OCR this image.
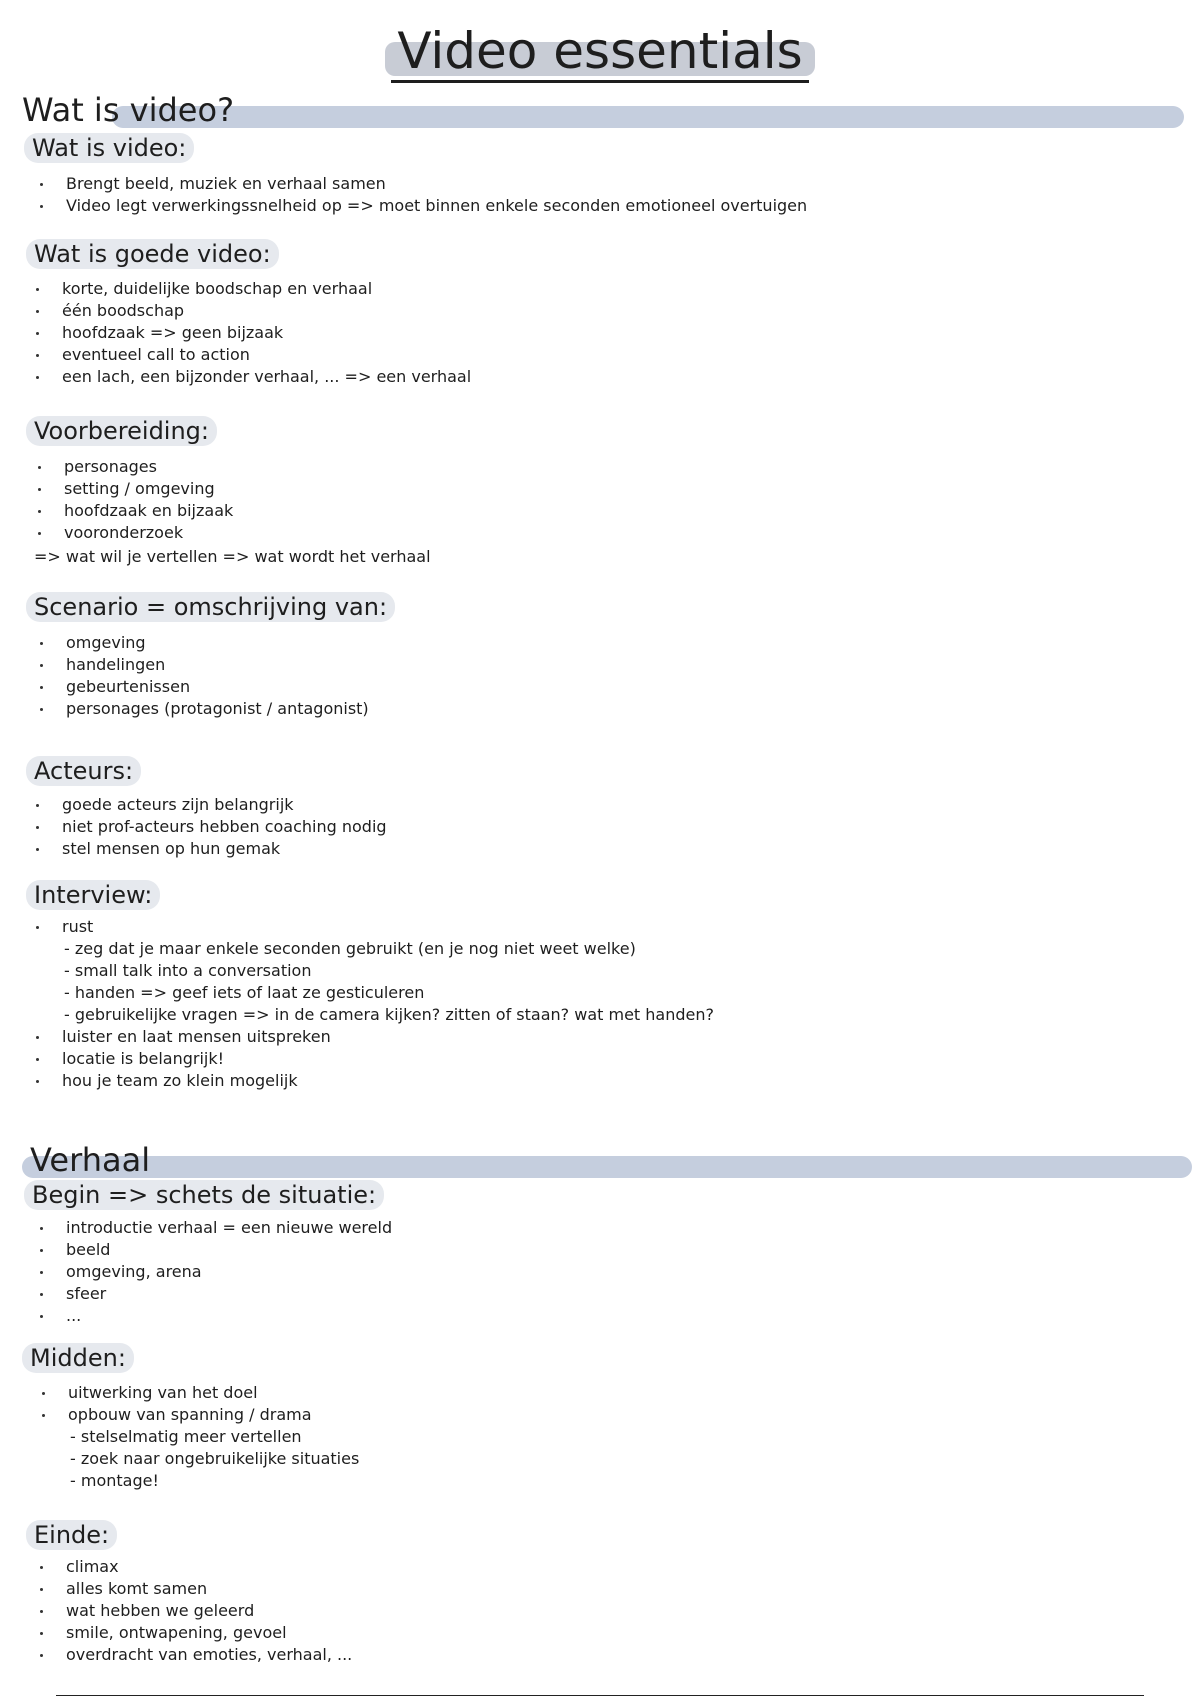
Video essentials
Wat is video?
Wat is video:
Brengt beeld, muziek en verhaal samen
Video legt verwerkingssnelheid op => moet binnen enkele seconden emotioneel overtuigen
Wat is goede video:
korte, duidelijke boodschap en verhaal
één boodschap
hoofdzaak => geen bijzaak
eventueel call to action
een lach, een bijzonder verhaal, ... => een verhaal
Voorbereiding:
personages
setting / omgeving
hoofdzaak en bijzaak
vooronderzoek
=> wat wil je vertellen => wat wordt het verhaal
Scenario = omschrijving van:
omgeving
handelingen
gebeurtenissen
personages (protagonist / antagonist)
Acteurs:
goede acteurs zijn belangrijk
niet prof-acteurs hebben coaching nodig
stel mensen op hun gemak
Interview:
rust
- zeg dat je maar enkele seconden gebruikt (en je nog niet weet welke)
- small talk into a conversation
- handen => geef iets of laat ze gesticuleren
- gebruikelijke vragen => in de camera kijken? zitten of staan? wat met handen?
luister en laat mensen uitspreken
locatie is belangrijk!
hou je team zo klein mogelijk
Verhaal
Begin => schets de situatie:
introductie verhaal = een nieuwe wereld
beeld
omgeving, arena
sfeer
...
Midden:
uitwerking van het doel
opbouw van spanning / drama
- stelselmatig meer vertellen
- zoek naar ongebruikelijke situaties
- montage!
Einde:
climax
alles komt samen
wat hebben we geleerd
smile, ontwapening, gevoel
overdracht van emoties, verhaal, ...
